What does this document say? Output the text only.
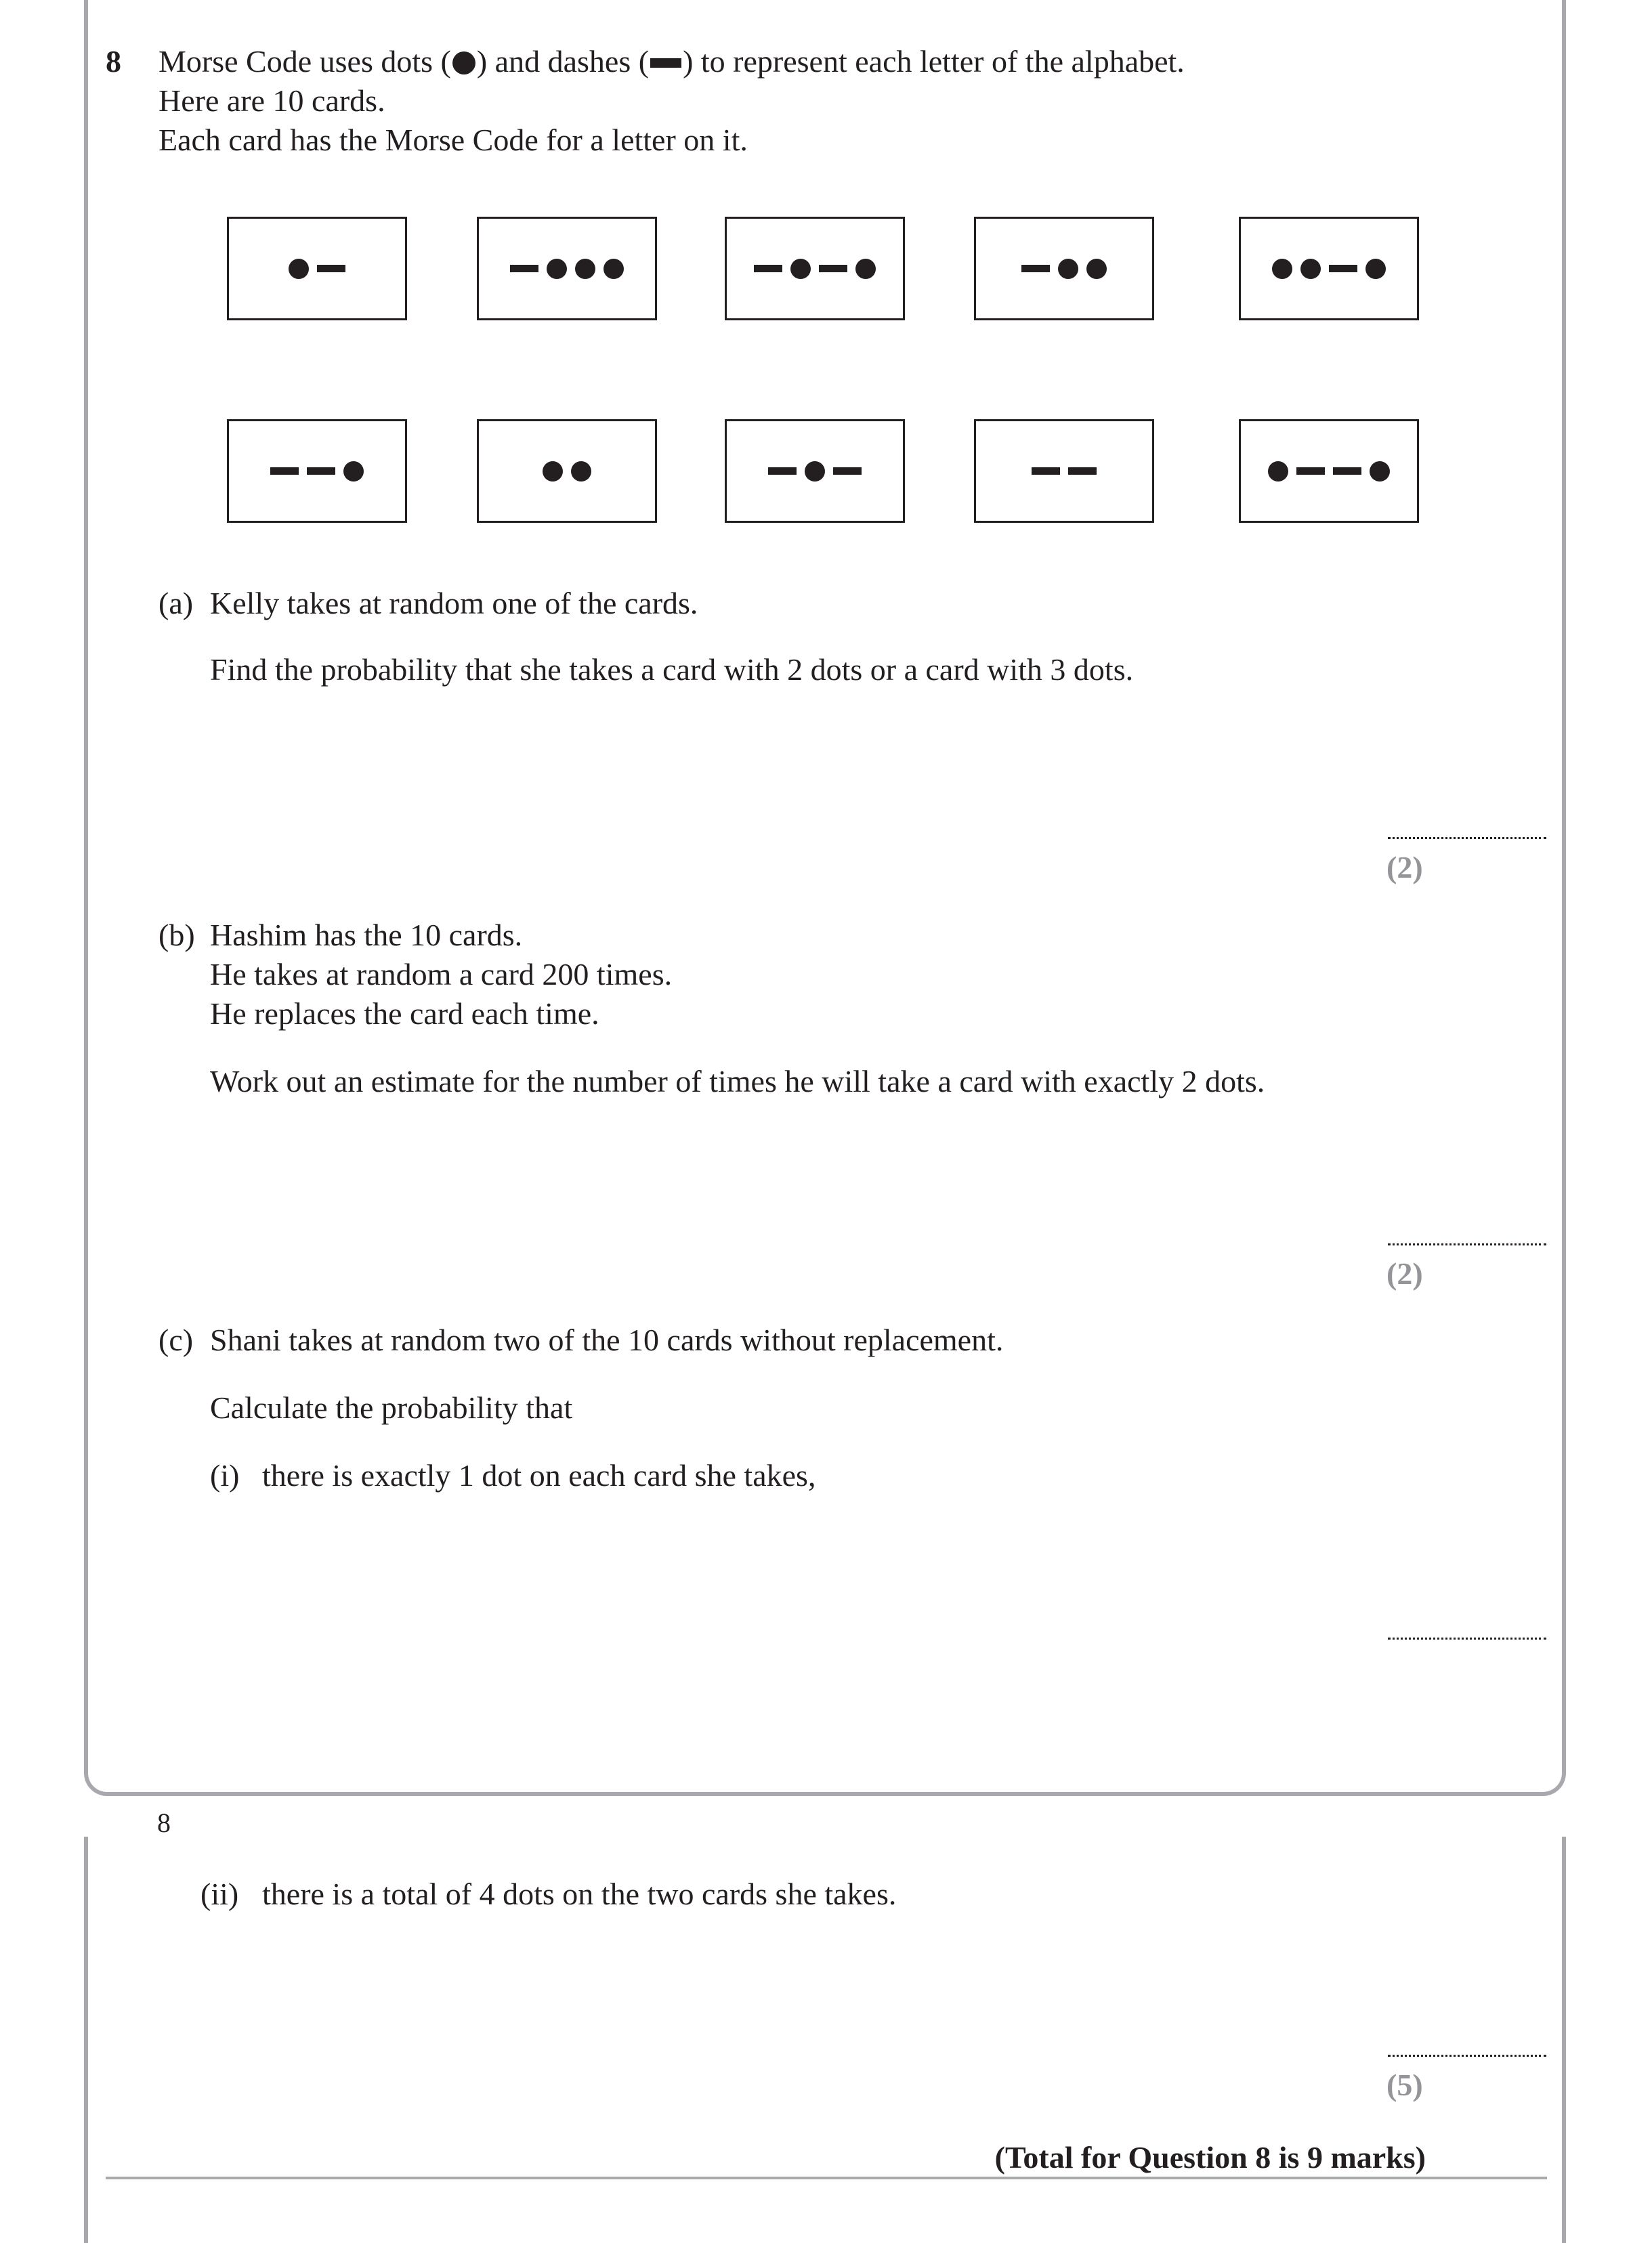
8 Morse Code uses dots ( ) and dashes ( ) to represent each letter of the alphabet.
Here are 10 cards.
Each card has the Morse Code for a letter on it.
(a) Kelly takes at random one of the cards.
Find the probability that she takes a card with 2 dots or a card with 3 dots.
(2)
(b) Hashim has the 10 cards.
He takes at random a card 200 times.
He replaces the card each time.
Work out an estimate for the number of times he will take a card with exactly 2 dots.
(2)
(c) Shani takes at random two of the 10 cards without replacement.
Calculate the probability that
(i) there is exactly 1 dot on each card she takes,
8
(ii) there is a total of 4 dots on the two cards she takes.
(5)
(Total for Question 8 is 9 marks)
